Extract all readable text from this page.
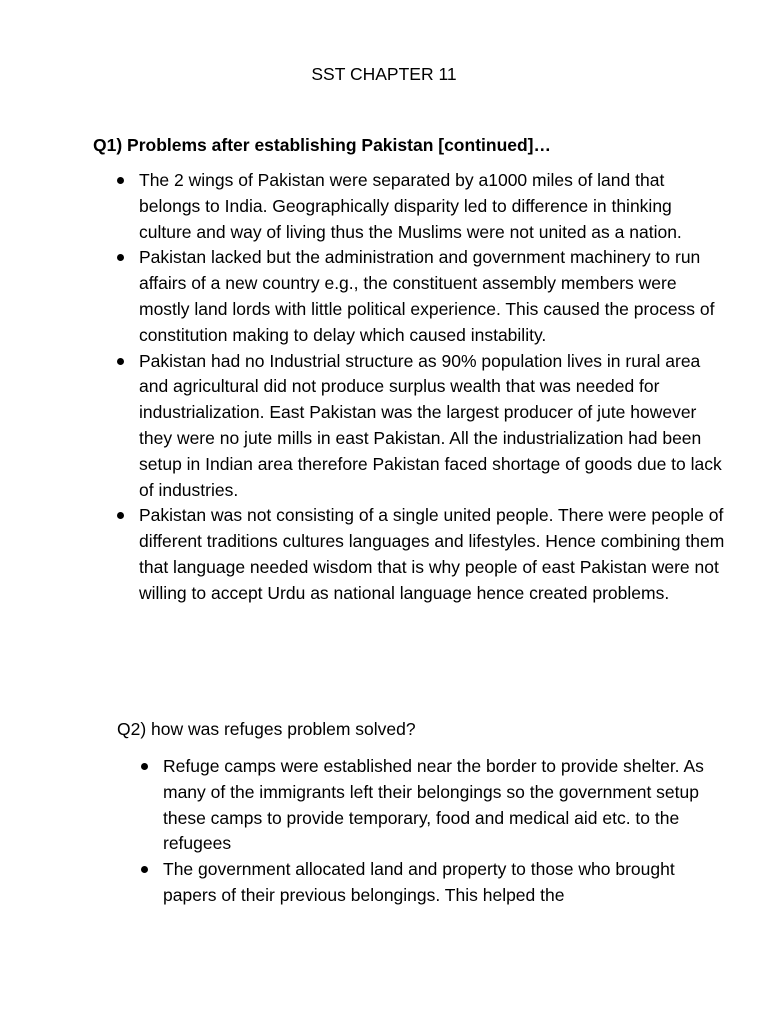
SST CHAPTER 11
Q1) Problems after establishing Pakistan [continued]…
The 2 wings of Pakistan were separated by a1000 miles of land that belongs to India. Geographically disparity led to difference in thinking culture and way of living thus the Muslims were not united as a nation.
Pakistan lacked but the administration and government machinery to run affairs of a new country e.g., the constituent assembly members were mostly land lords with little political experience. This caused the process of constitution making to delay which caused instability.
Pakistan had no Industrial structure as 90% population lives in rural area and agricultural did not produce surplus wealth that was needed for industrialization. East Pakistan was the largest producer of jute however they were no jute mills in east Pakistan. All the industrialization had been setup in Indian area therefore Pakistan faced shortage of goods due to lack of industries.
Pakistan was not consisting of a single united people. There were people of different traditions cultures languages and lifestyles. Hence combining them that language needed wisdom that is why people of east Pakistan were not willing to accept Urdu as national language hence created problems.
Q2) how was refuges problem solved?
Refuge camps were established near the border to provide shelter. As many of the immigrants left their belongings so the government setup these camps to provide temporary, food and medical aid etc. to the refugees
The government allocated land and property to those who brought papers of their previous belongings. This helped the
